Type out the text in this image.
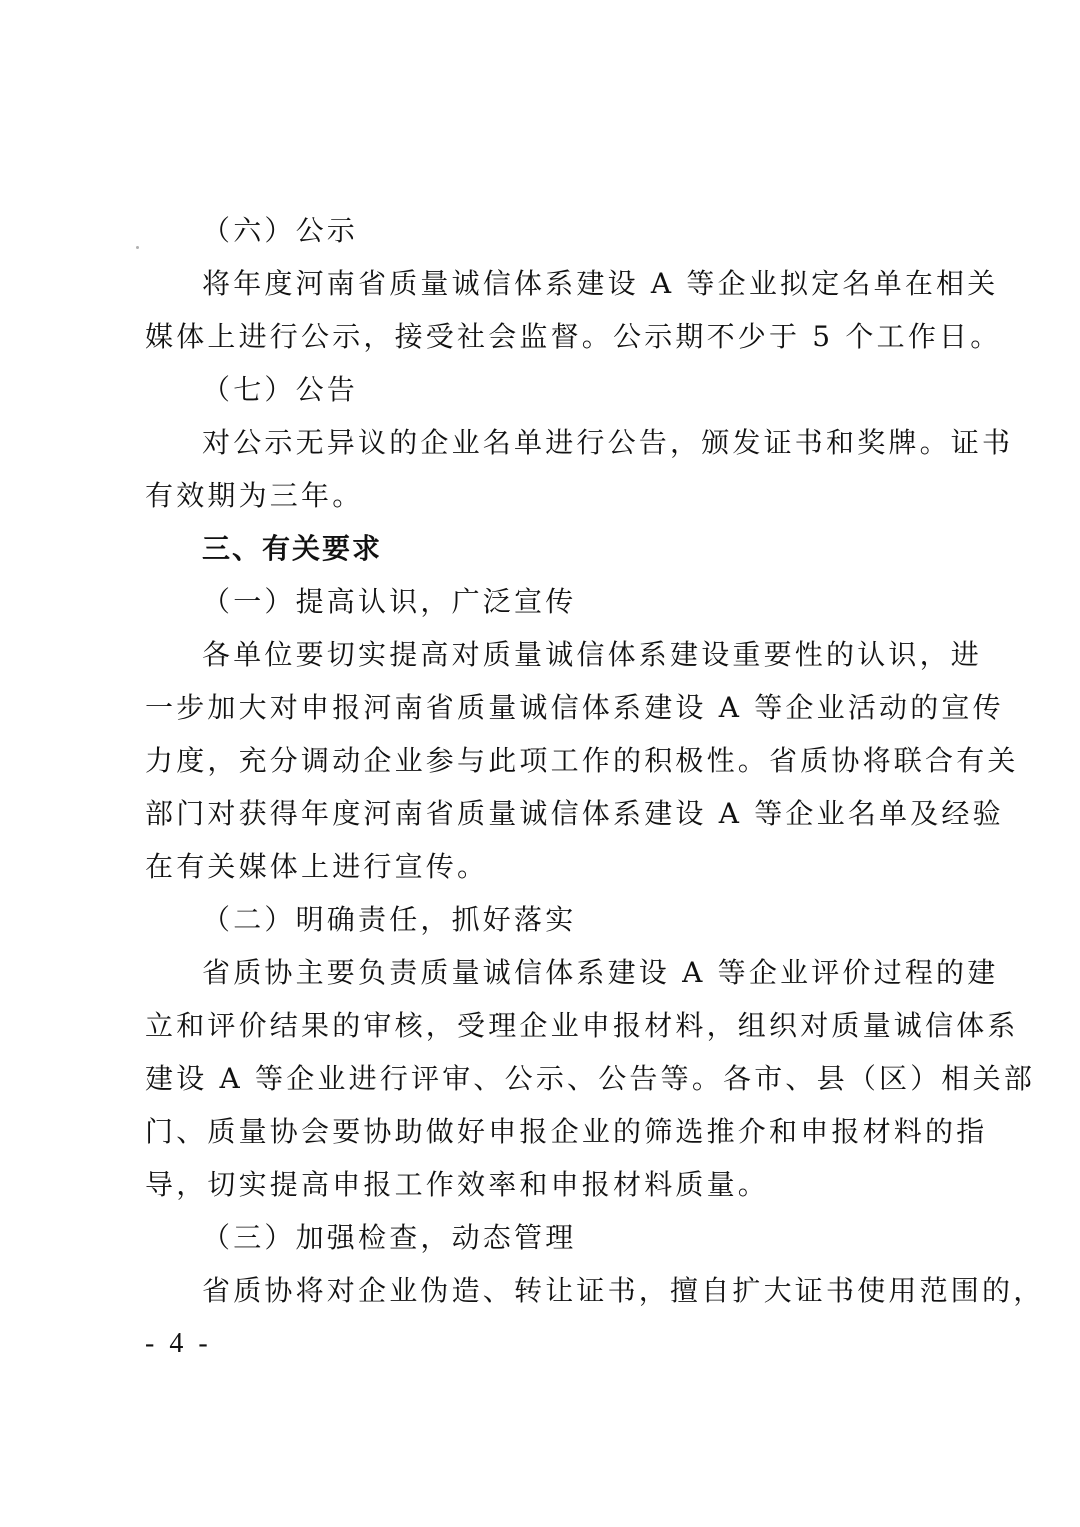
（六）公示
将年度河南省质量诚信体系建设 A 等企业拟定名单在相关
媒体上进行公示，接受社会监督。公示期不少于 5 个工作日。
（七）公告
对公示无异议的企业名单进行公告，颁发证书和奖牌。证书
有效期为三年。
三、有关要求
（一）提高认识，广泛宣传
各单位要切实提高对质量诚信体系建设重要性的认识，进
一步加大对申报河南省质量诚信体系建设 A 等企业活动的宣传
力度，充分调动企业参与此项工作的积极性。省质协将联合有关
部门对获得年度河南省质量诚信体系建设 A 等企业名单及经验
在有关媒体上进行宣传。
（二）明确责任，抓好落实
省质协主要负责质量诚信体系建设 A 等企业评价过程的建
立和评价结果的审核，受理企业申报材料，组织对质量诚信体系
建设 A 等企业进行评审、公示、公告等。各市、县（区）相关部
门、质量协会要协助做好申报企业的筛选推介和申报材料的指
导，切实提高申报工作效率和申报材料质量。
（三）加强检查，动态管理
省质协将对企业伪造、转让证书，擅自扩大证书使用范围的，
- 4 -
